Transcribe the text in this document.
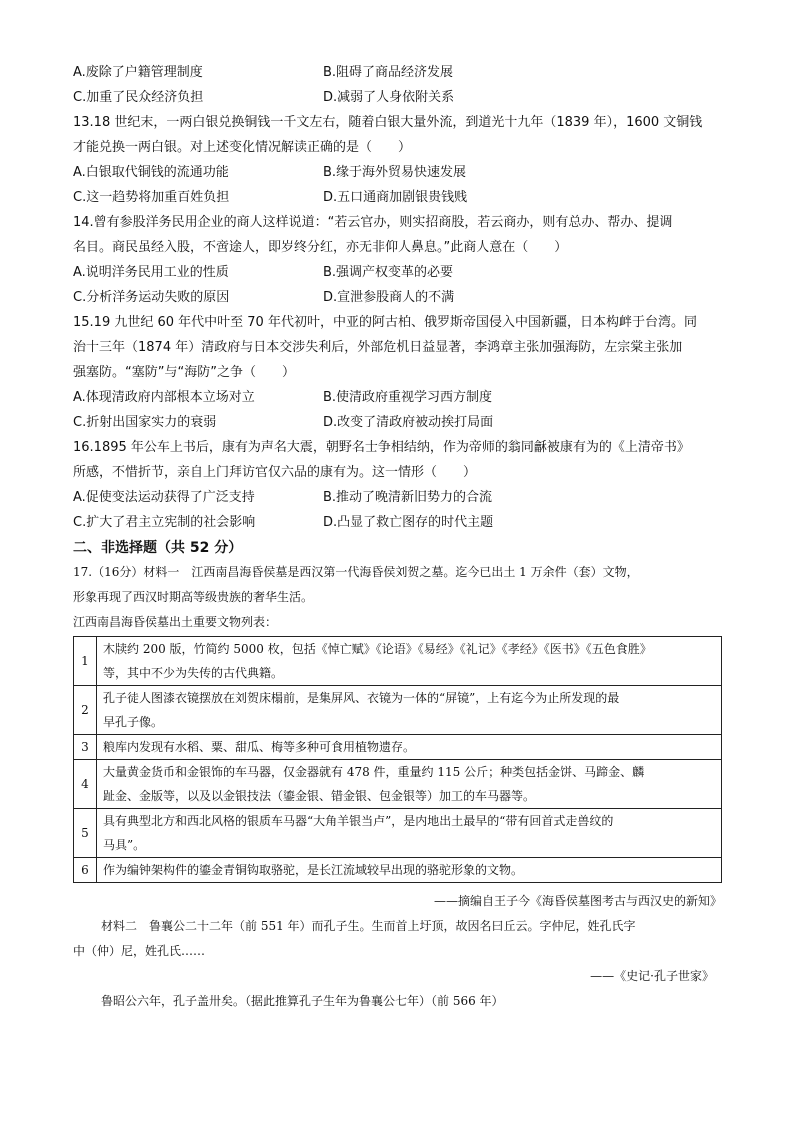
A.废除了户籍管理制度	B.阻碍了商品经济发展
C.加重了民众经济负担	D.减弱了人身依附关系
13.18 世纪末，一两白银兑换铜钱一千文左右，随着白银大量外流，到道光十九年（1839 年），1600 文铜钱
才能兑换一两白银。对上述变化情况解读正确的是（　　）
A.白银取代铜钱的流通功能	B.缘于海外贸易快速发展
C.这一趋势将加重百姓负担	D.五口通商加剧银贵钱贱
14.曾有参股洋务民用企业的商人这样说道：“若云官办，则实招商股，若云商办，则有总办、帮办、提调
名目。商民虽经入股，不啻途人，即岁终分红，亦无非仰人鼻息。”此商人意在（　　）
A.说明洋务民用工业的性质	B.强调产权变革的必要
C.分析洋务运动失败的原因	D.宣泄参股商人的不满
15.19 九世纪 60 年代中叶至 70 年代初叶，中亚的阿古柏、俄罗斯帝国侵入中国新疆，日本构衅于台湾。同
治十三年（1874 年）清政府与日本交涉失利后，外部危机日益显著，李鸿章主张加强海防，左宗棠主张加
强塞防。“塞防”与“海防”之争（　　）
A.体现清政府内部根本立场对立	B.使清政府重视学习西方制度
C.折射出国家实力的衰弱	D.改变了清政府被动挨打局面
16.1895 年公车上书后，康有为声名大震，朝野名士争相结纳，作为帝师的翁同龢被康有为的《上清帝书》
所感，不惜折节，亲自上门拜访官仅六品的康有为。这一情形（　　）
A.促使变法运动获得了广泛支持	B.推动了晚清新旧势力的合流
C.扩大了君主立宪制的社会影响	D.凸显了救亡图存的时代主题
二、非选择题（共 52 分）
17.（16分）材料一　江西南昌海昏侯墓是西汉第一代海昏侯刘贺之墓。迄今已出土 1 万余件（套）文物，
形象再现了西汉时期高等级贵族的奢华生活。
江西南昌海昏侯墓出土重要文物列表：
1	木牍约 200 版，竹简约 5000 枚，包括《悼亡赋》《论语》《易经》《礼记》《孝经》《医书》《五色食胜》
等，其中不少为失传的古代典籍。

2	孔子徒人图漆衣镜摆放在刘贺床榻前，是集屏风、衣镜为一体的“屏镜”，上有迄今为止所发现的最
早孔子像。

3	粮库内发现有水稻、粟、甜瓜、梅等多种可食用植物遗存。

4	大量黄金货币和金银饰的车马器，仅金器就有 478 件，重量约 115 公斤；种类包括金饼、马蹄金、麟
趾金、金版等，以及以金银技法（鎏金银、错金银、包金银等）加工的车马器等。

5	具有典型北方和西北风格的银质车马器“大角羊银当卢”，是内地出土最早的“带有回首式走兽纹的
马具”。

6	作为编钟架构件的鎏金青铜钩取骆驼，是长江流域较早出现的骆驼形象的文物。
——摘编自王子今《海昏侯墓图考古与西汉史的新知》
材料二　鲁襄公二十二年（前 551 年）而孔子生。生而首上圩顶，故因名曰丘云。字仲尼，姓孔氏字
中（仲）尼，姓孔氏……
——《史记·孔子世家》
鲁昭公六年，孔子盖卅矣。（据此推算孔子生年为鲁襄公七年）（前 566 年）
